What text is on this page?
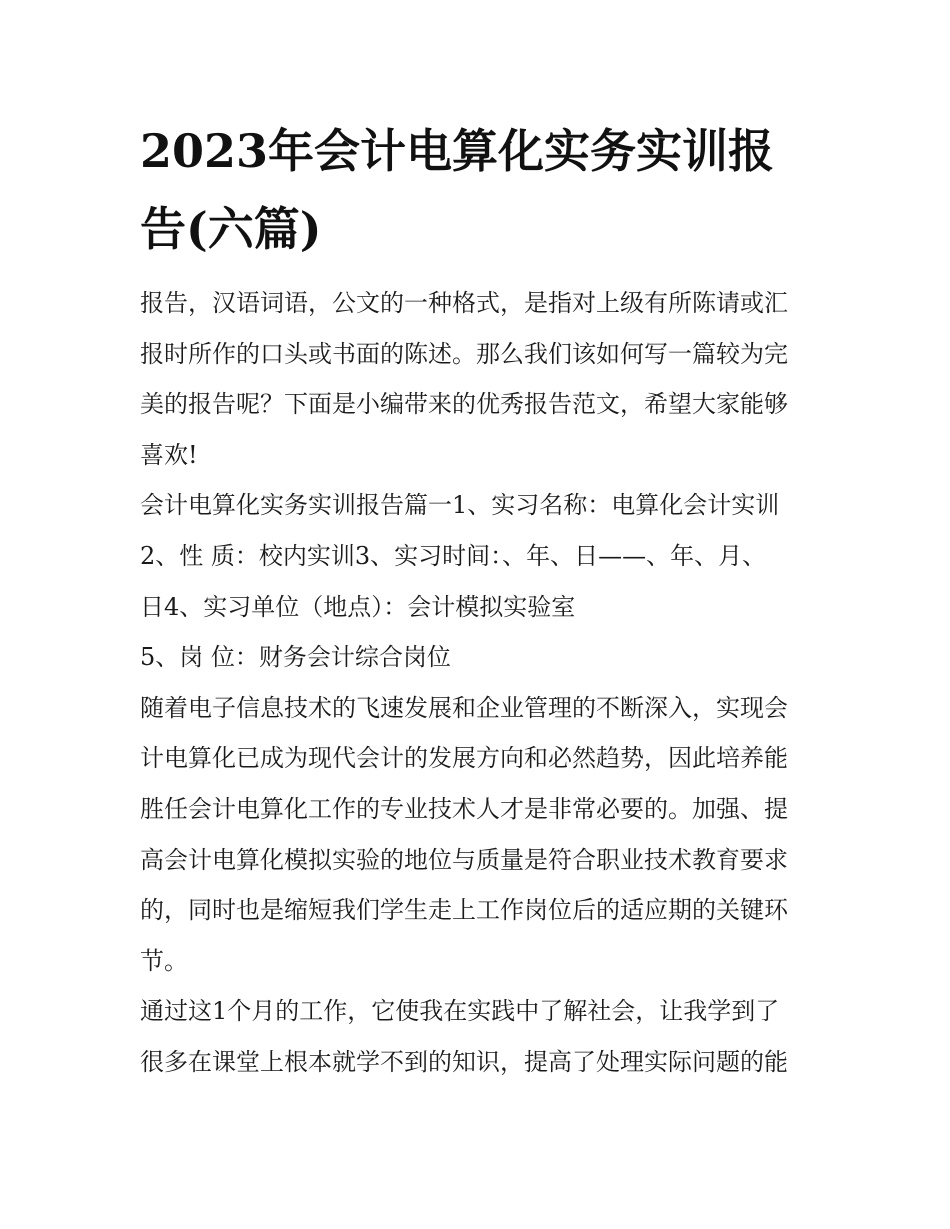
2023年会计电算化实务实训报
告(六篇)

报告，汉语词语，公文的一种格式，是指对上级有所陈请或汇

报时所作的口头或书面的陈述。那么我们该如何写一篇较为完

美的报告呢？下面是小编带来的优秀报告范文，希望大家能够

喜欢!

会计电算化实务实训报告篇一1、实习名称：电算化会计实训

2、性 质：校内实训3、实习时间：、年、日——、年、月、

日4、实习单位（地点）：会计模拟实验室

5、岗 位：财务会计综合岗位

随着电子信息技术的飞速发展和企业管理的不断深入，实现会

计电算化已成为现代会计的发展方向和必然趋势，因此培养能

胜任会计电算化工作的专业技术人才是非常必要的。加强、提

高会计电算化模拟实验的地位与质量是符合职业技术教育要求

的，同时也是缩短我们学生走上工作岗位后的适应期的关键环

节。

通过这1个月的工作，它使我在实践中了解社会，让我学到了

很多在课堂上根本就学不到的知识，提高了处理实际问题的能
